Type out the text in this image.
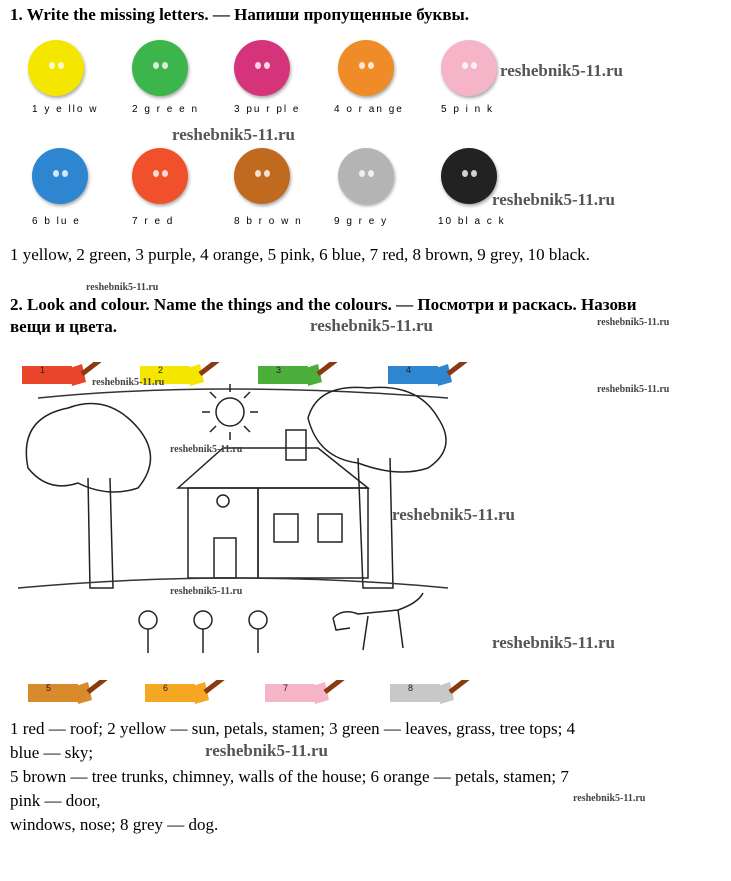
1. Write the missing letters. — Напиши пропущенные буквы.
1 y e llo w	2 g r e e n	3 pu r pl e	4 o r an ge	5 p i n k
6 b lu e	7 r e d	8 b r o w n	9 g r e y	10 bl a c k
1 yellow, 2 green, 3 purple, 4 orange, 5 pink, 6 blue, 7 red, 8 brown, 9 grey, 10 black.
2. Look and colour. Name the things and the colours. — Посмотри и раскась. Назови вещи и цвета.
1	2	3	4
5	6	7	8
1 red — roof; 2 yellow — sun, petals, stamen; 3 green — leaves, grass, tree tops; 4
blue — sky;
5 brown — tree trunks, chimney, walls of the house; 6 orange — petals, stamen; 7
pink — door,
windows, nose; 8 grey — dog.
reshebnik5-11.ru
reshebnik5-11.ru
reshebnik5-11.ru
reshebnik5-11.ru
reshebnik5-11.ru	reshebnik5-11.ru
reshebnik5-11.ru
reshebnik5-11.ru
reshebnik5-11.ru
reshebnik5-11.ru
reshebnik5-11.ru
reshebnik5-11.ru
reshebnik5-11.ru
reshebnik5-11.ru
